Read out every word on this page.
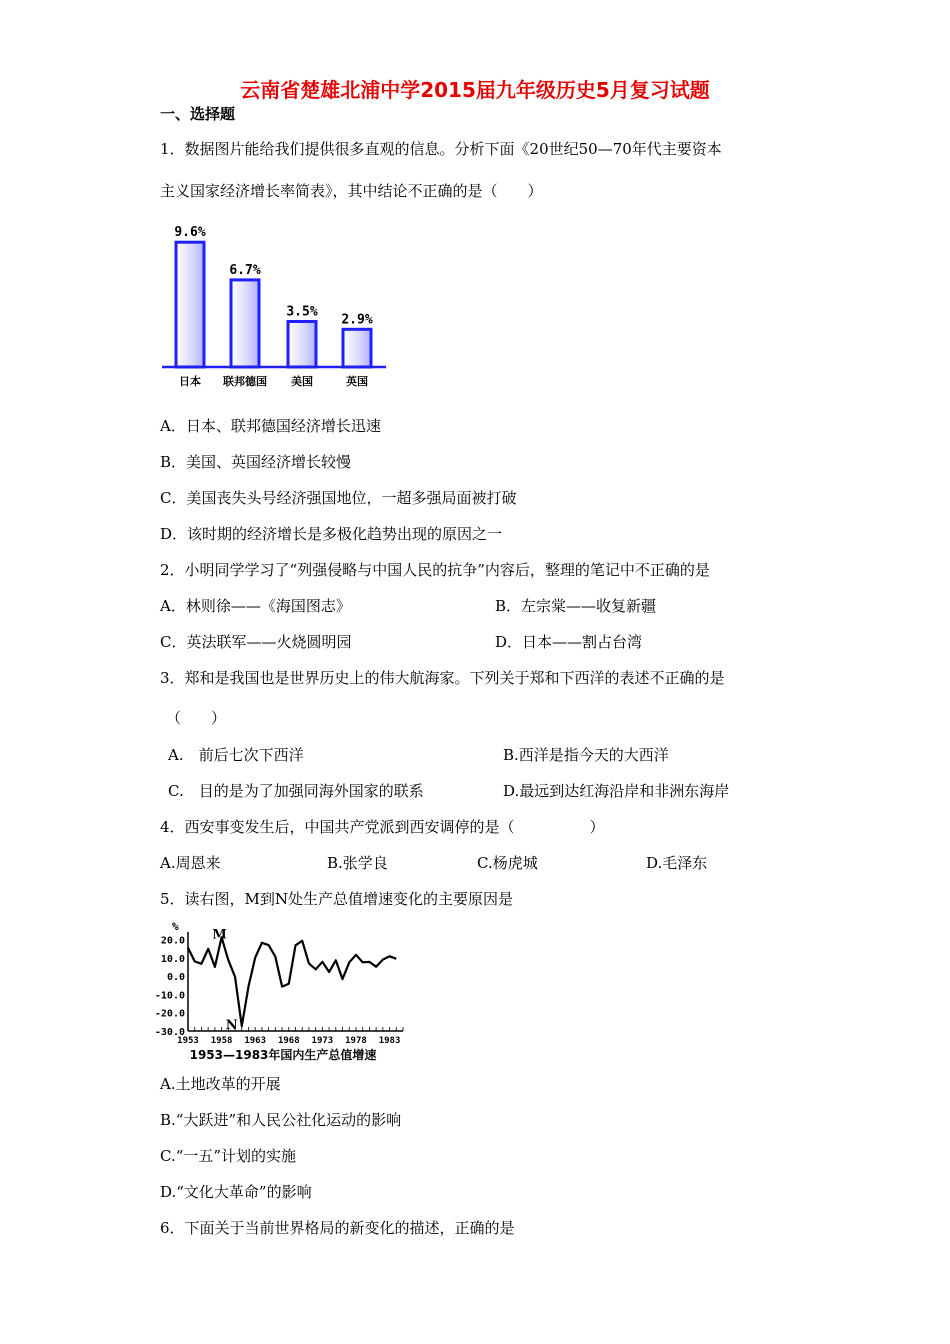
云南省楚雄北浦中学2015届九年级历史5月复习试题
一、选择题
1．数据图片能给我们提供很多直观的信息。分析下面《20世纪50—70年代主要资本
主义国家经济增长率简表》，其中结论不正确的是（　　）
9.6%
日本
6.7%
联邦德国
3.5%
美国
2.9%
英国
A．日本、联邦德国经济增长迅速
B．美国、英国经济增长较慢
C．美国丧失头号经济强国地位，一超多强局面被打破
D．该时期的经济增长是多极化趋势出现的原因之一
2．小明同学学习了“列强侵略与中国人民的抗争”内容后，整理的笔记中不正确的是
A．林则徐——《海国图志》	B．左宗棠——收复新疆
C．英法联军——火烧圆明园	D．日本——割占台湾
3．郑和是我国也是世界历史上的伟大航海家。下列关于郑和下西洋的表述不正确的是
（　　）
A.　前后七次下西洋	B.西洋是指今天的大西洋
C.　目的是为了加强同海外国家的联系	D.最远到达红海沿岸和非洲东海岸
4．西安事变发生后，中国共产党派到西安调停的是（　　　　　）
A.周恩来	B.张学良	C.杨虎城	D.毛泽东
5．读右图，M到N处生产总值增速变化的主要原因是
%
20.0
10.0
0.0
-10.0
-20.0
-30.0
1953 1958 1963 1968 1973 1978 1983
M
N
1953—1983年国内生产总值增速
A.土地改革的开展
B.“大跃进”和人民公社化运动的影响
C.“一五”计划的实施
D.“文化大革命”的影响
6．下面关于当前世界格局的新变化的描述，正确的是
